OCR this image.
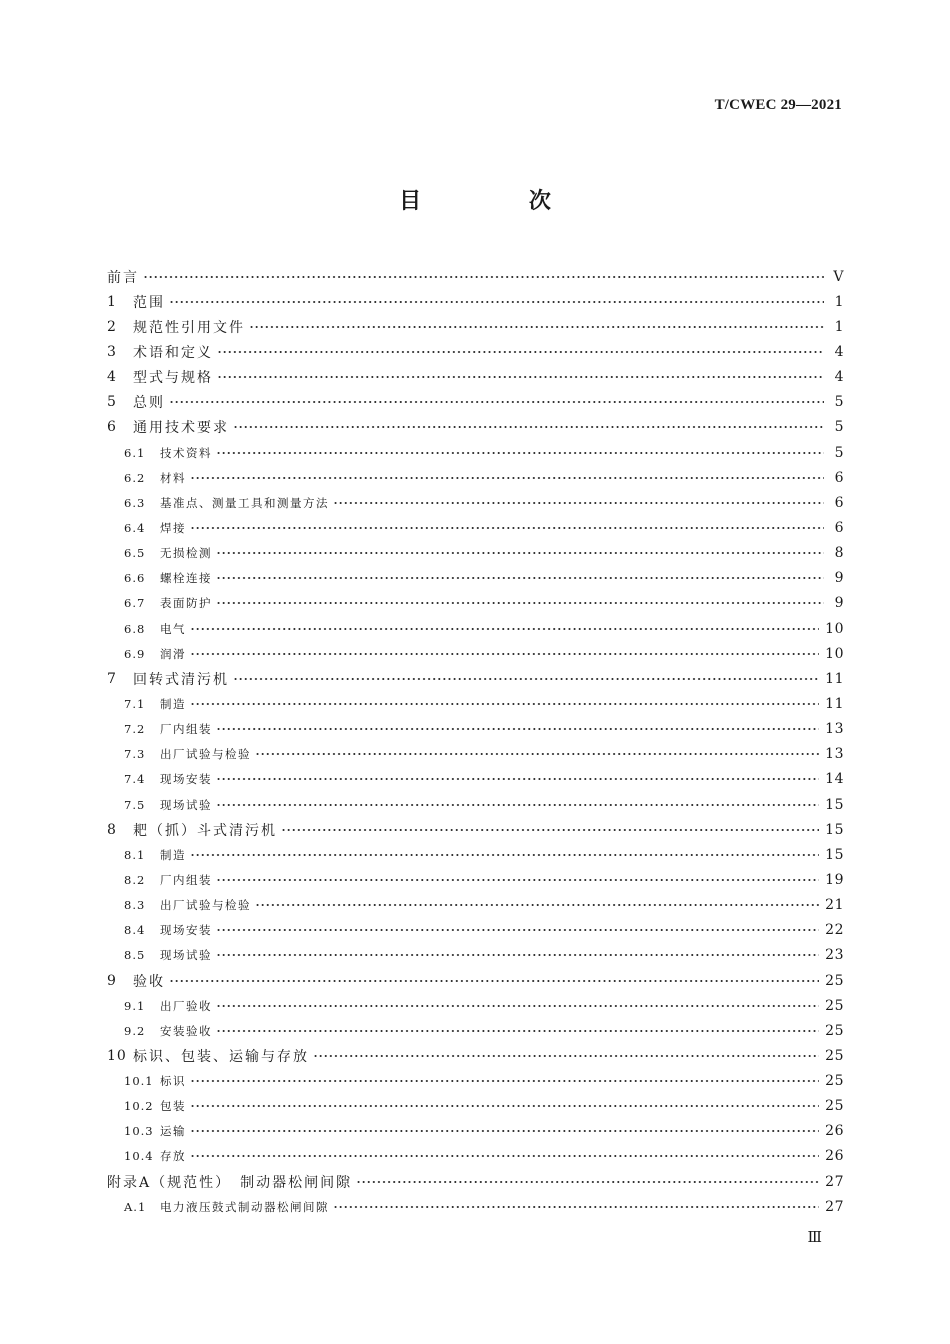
T/CWEC 29—2021
目 次
前言	Ⅴ
1	范围	1
2	规范性引用文件	1
3	术语和定义	4
4	型式与规格	4
5	总则	5
6	通用技术要求	5
6.1	技术资料	5
6.2	材料	6
6.3	基准点、测量工具和测量方法	6
6.4	焊接	6
6.5	无损检测	8
6.6	螺栓连接	9
6.7	表面防护	9
6.8	电气	10
6.9	润滑	10
7	回转式清污机	11
7.1	制造	11
7.2	厂内组装	13
7.3	出厂试验与检验	13
7.4	现场安装	14
7.5	现场试验	15
8	耙（抓）斗式清污机	15
8.1	制造	15
8.2	厂内组装	19
8.3	出厂试验与检验	21
8.4	现场安装	22
8.5	现场试验	23
9	验收	25
9.1	出厂验收	25
9.2	安装验收	25
10 标识、包装、运输与存放	25
10.1 标识	25
10.2 包装	25
10.3 运输	26
10.4 存放	26
附录A（规范性）　制动器松闸间隙	27
A.1	电力液压鼓式制动器松闸间隙	27
Ⅲ
